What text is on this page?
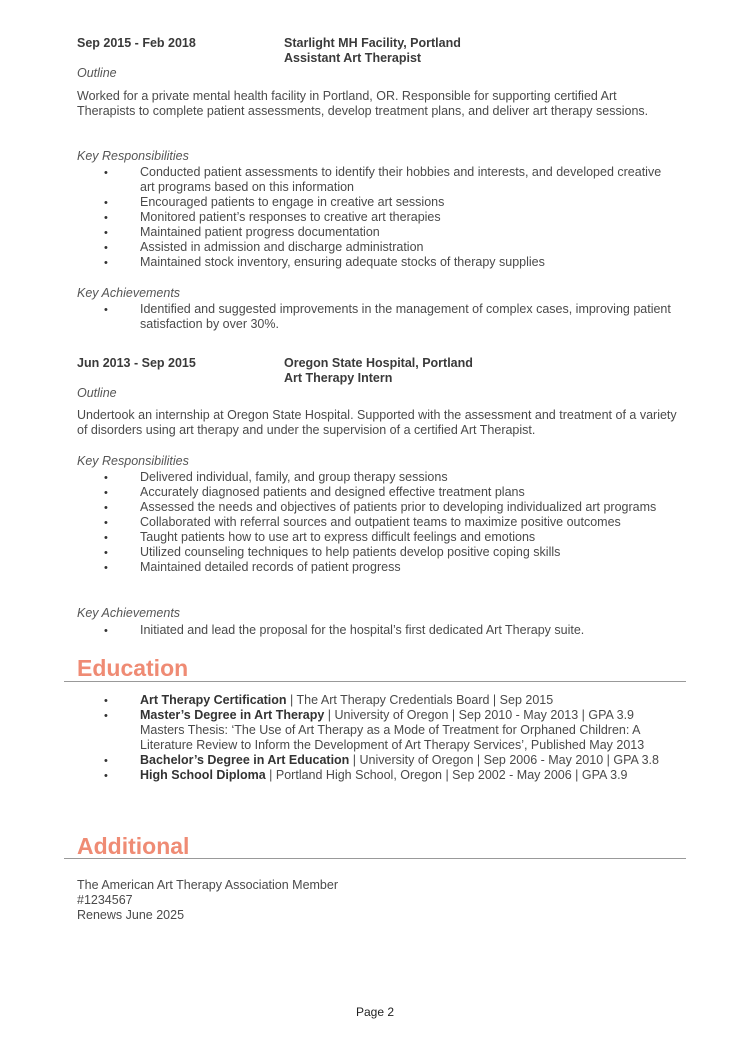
Sep 2015 - Feb 2018	Starlight MH Facility, Portland
Assistant Art Therapist
Outline
Worked for a private mental health facility in Portland, OR. Responsible for supporting certified Art Therapists to complete patient assessments, develop treatment plans, and deliver art therapy sessions.
Key Responsibilities
• Conducted patient assessments to identify their hobbies and interests, and developed creative art programs based on this information
• Encouraged patients to engage in creative art sessions
• Monitored patient’s responses to creative art therapies
• Maintained patient progress documentation
• Assisted in admission and discharge administration
• Maintained stock inventory, ensuring adequate stocks of therapy supplies
Key Achievements
• Identified and suggested improvements in the management of complex cases, improving patient satisfaction by over 30%.
Jun 2013 - Sep 2015	Oregon State Hospital, Portland
Art Therapy Intern
Outline
Undertook an internship at Oregon State Hospital. Supported with the assessment and treatment of a variety of disorders using art therapy and under the supervision of a certified Art Therapist.
Key Responsibilities
• Delivered individual, family, and group therapy sessions
• Accurately diagnosed patients and designed effective treatment plans
• Assessed the needs and objectives of patients prior to developing individualized art programs
• Collaborated with referral sources and outpatient teams to maximize positive outcomes
• Taught patients how to use art to express difficult feelings and emotions
• Utilized counseling techniques to help patients develop positive coping skills
• Maintained detailed records of patient progress
Key Achievements
• Initiated and lead the proposal for the hospital’s first dedicated Art Therapy suite.
Education
• Art Therapy Certification | The Art Therapy Credentials Board | Sep 2015
• Master’s Degree in Art Therapy | University of Oregon | Sep 2010 - May 2013 | GPA 3.9
Masters Thesis: ‘The Use of Art Therapy as a Mode of Treatment for Orphaned Children: A Literature Review to Inform the Development of Art Therapy Services’, Published May 2013
• Bachelor’s Degree in Art Education | University of Oregon | Sep 2006 - May 2010 | GPA 3.8
• High School Diploma | Portland High School, Oregon | Sep 2002 - May 2006 | GPA 3.9
Additional
The American Art Therapy Association Member
#1234567
Renews June 2025
Page 2
